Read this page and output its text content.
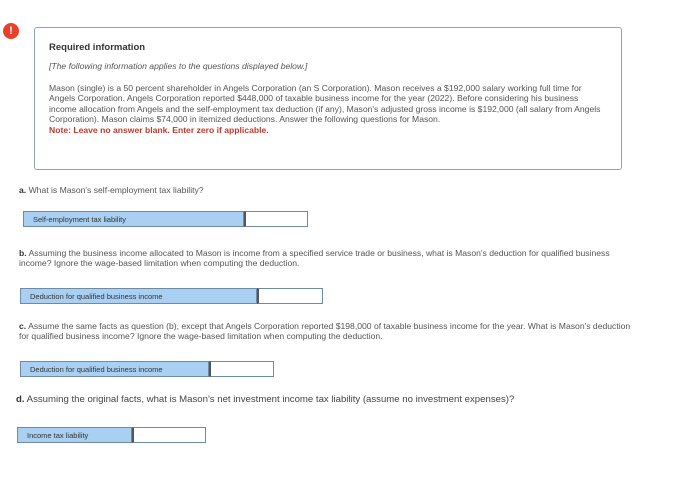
!

Required information

[The following information applies to the questions displayed below.]

Mason (single) is a 50 percent shareholder in Angels Corporation (an S Corporation). Mason receives a $192,000 salary working full time for Angels Corporation. Angels Corporation reported $448,000 of taxable business income for the year (2022). Before considering his business income allocation from Angels and the self-employment tax deduction (if any), Mason's adjusted gross income is $192,000 (all salary from Angels Corporation). Mason claims $74,000 in itemized deductions. Answer the following questions for Mason.

Note: Leave no answer blank. Enter zero if applicable.

a. What is Mason's self-employment tax liability?
Self-employment tax liability
b. Assuming the business income allocated to Mason is income from a specified service trade or business, what is Mason's deduction for qualified business income? Ignore the wage-based limitation when computing the deduction.
Deduction for qualified business income
c. Assume the same facts as question (b), except that Angels Corporation reported $198,000 of taxable business income for the year. What is Mason's deduction for qualified business income? Ignore the wage-based limitation when computing the deduction.
Deduction for qualified business income
d. Assuming the original facts, what is Mason's net investment income tax liability (assume no investment expenses)?
Income tax liability
